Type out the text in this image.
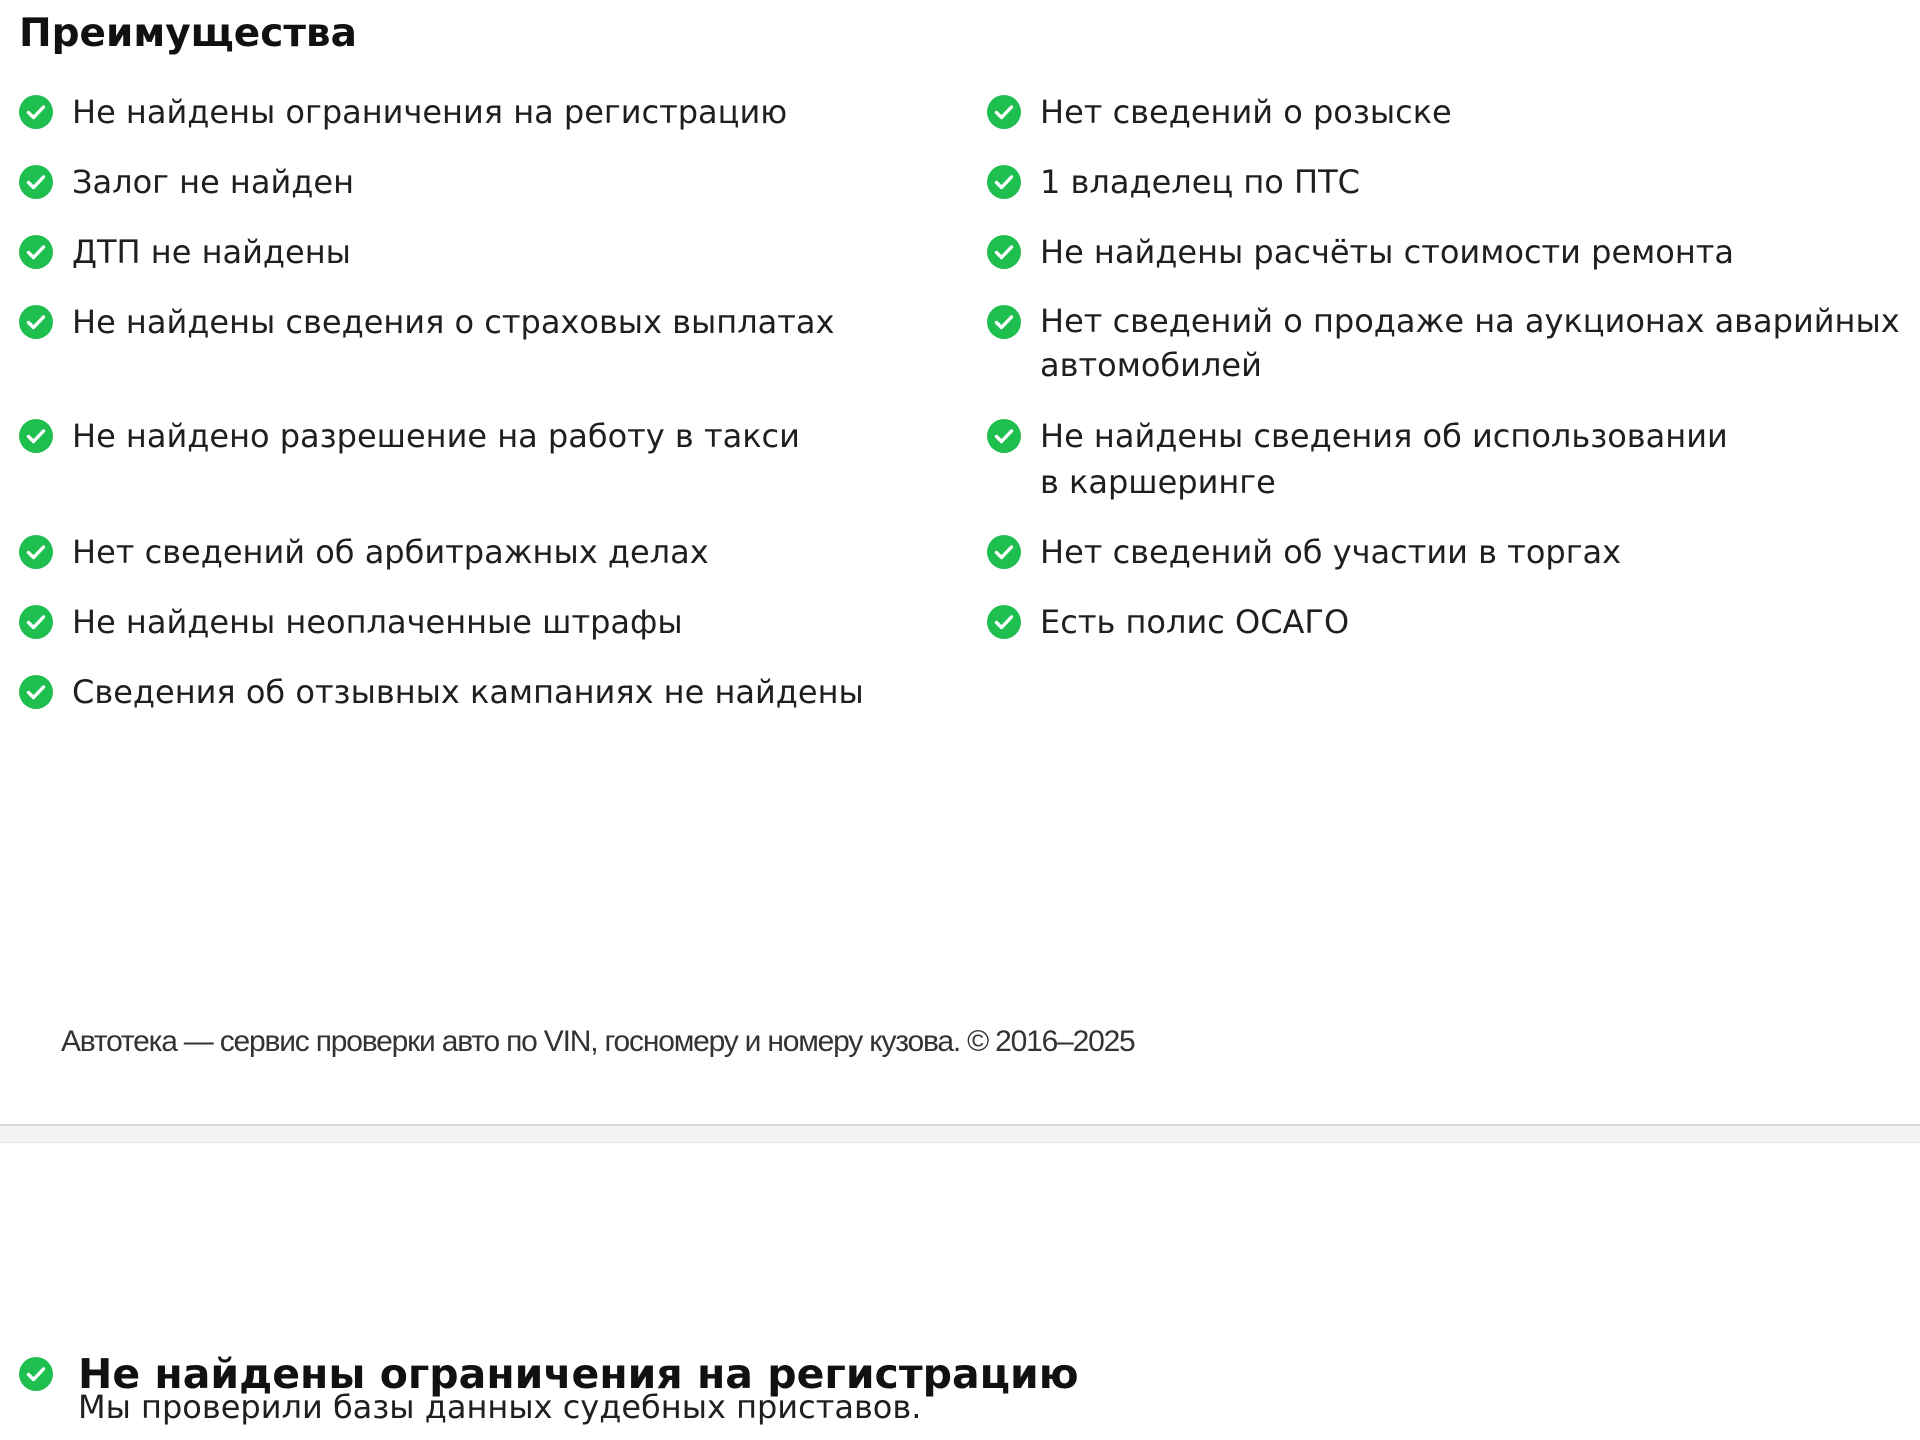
Преимущества
Не найдены ограничения на регистрацию
Залог не найден
ДТП не найдены
Не найдены сведения о страховых выплатах
Не найдено разрешение на работу в такси
Нет сведений об арбитражных делах
Не найдены неоплаченные штрафы
Сведения об отзывных кампаниях не найдены
Нет сведений о розыске
1 владелец по ПТС
Не найдены расчёты стоимости ремонта
Нет сведений о продаже на аукционах аварийных автомобилей
Не найдены сведения об использовании в каршеринге
Нет сведений об участии в торгах
Есть полис ОСАГО
Автотека — сервис проверки авто по VIN, госномеру и номеру кузова. © 2016–2025
Не найдены ограничения на регистрацию
Мы проверили базы данных судебных приставов.
